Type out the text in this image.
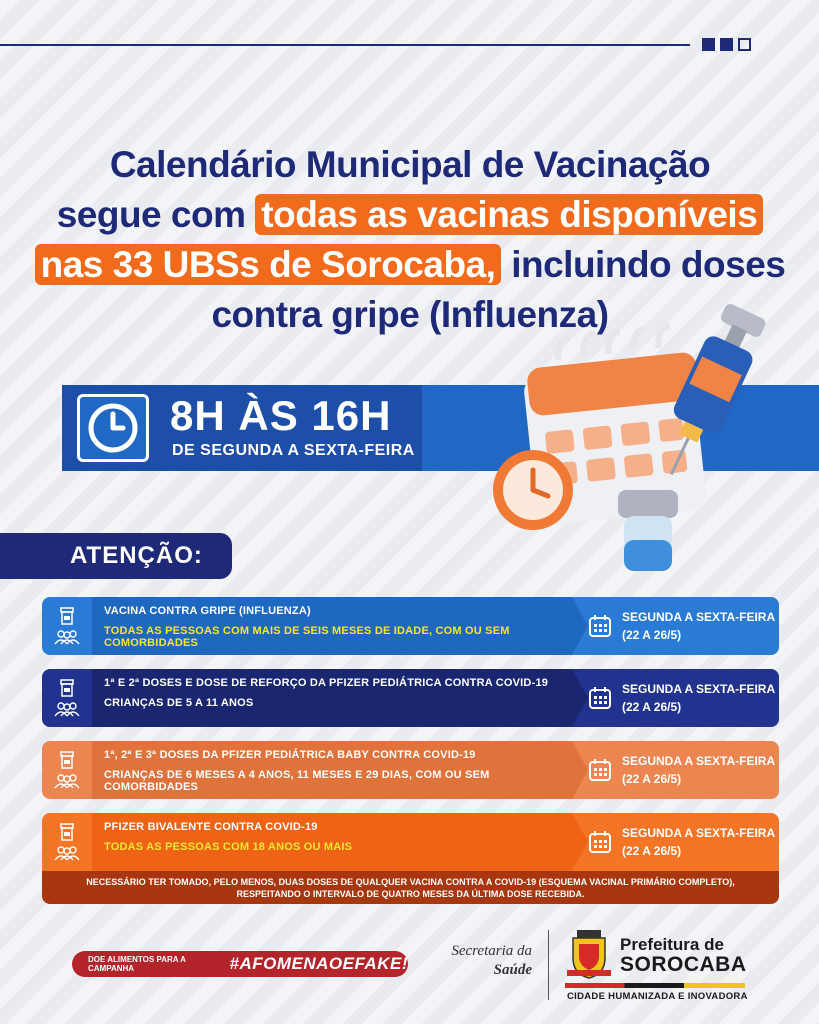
Calendário Municipal de Vacinação
segue com todas as vacinas disponíveis
nas 33 UBSs de Sorocaba, incluindo doses
contra gripe (Influenza)
8H ÀS 16H
DE SEGUNDA A SEXTA-FEIRA
ATENÇÃO:
VACINA CONTRA GRIPE (INFLUENZA)
TODAS AS PESSOAS COM MAIS DE SEIS MESES DE IDADE, COM OU SEM COMORBIDADES
SEGUNDA A SEXTA-FEIRA
(22 A 26/5)
1ª E 2ª DOSES E DOSE DE REFORÇO DA PFIZER PEDIÁTRICA CONTRA COVID-19
CRIANÇAS DE 5 A 11 ANOS
SEGUNDA A SEXTA-FEIRA
(22 A 26/5)
1ª, 2ª E 3ª DOSES DA PFIZER PEDIÁTRICA BABY CONTRA COVID-19
CRIANÇAS DE 6 MESES A 4 ANOS, 11 MESES E 29 DIAS, COM OU SEM COMORBIDADES
SEGUNDA A SEXTA-FEIRA
(22 A 26/5)
PFIZER BIVALENTE CONTRA COVID-19
TODAS AS PESSOAS COM 18 ANOS OU MAIS
SEGUNDA A SEXTA-FEIRA
(22 A 26/5)
NECESSÁRIO TER TOMADO, PELO MENOS, DUAS DOSES DE QUALQUER VACINA CONTRA A COVID-19 (ESQUEMA VACINAL PRIMÁRIO COMPLETO),
RESPEITANDO O INTERVALO DE QUATRO MESES DA ÚLTIMA DOSE RECEBIDA.
DOE ALIMENTOS PARA A CAMPANHA	#AFOMENAOEFAKE!
Secretaria da
Saúde
Prefeitura de
SOROCABA
CIDADE HUMANIZADA E INOVADORA
